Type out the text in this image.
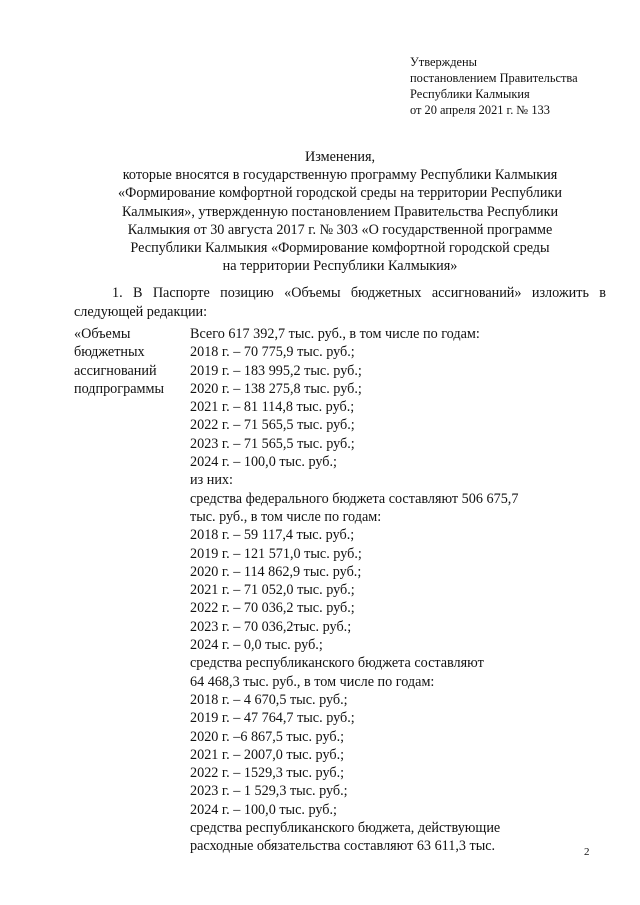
Утверждены
постановлением Правительства
Республики Калмыкия
от 20 апреля 2021 г. № 133
Изменения,
которые вносятся в государственную программу Республики Калмыкия
«Формирование комфортной городской среды на территории Республики
Калмыкия», утвержденную постановлением Правительства Республики
Калмыкия от 30 августа 2017 г. № 303 «О государственной программе
Республики Калмыкия «Формирование комфортной городской среды
на территории Республики Калмыкия»
1. В Паспорте позицию «Объемы бюджетных ассигнований» изложить в
следующей редакции:
«Объемы
бюджетных
ассигнований
подпрограммы
Всего 617 392,7 тыс. руб., в том числе по годам:
2018 г. – 70 775,9 тыс. руб.;
2019 г. – 183 995,2 тыс. руб.;
2020 г. – 138 275,8 тыс. руб.;
2021 г. – 81 114,8 тыс. руб.;
2022 г. – 71 565,5 тыс. руб.;
2023 г. – 71 565,5 тыс. руб.;
2024 г. – 100,0 тыс. руб.;
из них:
средства федерального бюджета составляют 506 675,7
тыс. руб., в том числе по годам:
2018 г. – 59 117,4 тыс. руб.;
2019 г. – 121 571,0 тыс. руб.;
2020 г. – 114 862,9 тыс. руб.;
2021 г. – 71 052,0 тыс. руб.;
2022 г. – 70 036,2 тыс. руб.;
2023 г. – 70 036,2тыс. руб.;
2024 г. – 0,0 тыс. руб.;
средства республиканского бюджета составляют
64 468,3 тыс. руб., в том числе по годам:
2018 г. – 4 670,5 тыс. руб.;
2019 г. – 47 764,7 тыс. руб.;
2020 г. –6 867,5 тыс. руб.;
2021 г. – 2007,0 тыс. руб.;
2022 г. – 1529,3 тыс. руб.;
2023 г. – 1 529,3 тыс. руб.;
2024 г. – 100,0 тыс. руб.;
средства республиканского бюджета, действующие
расходные обязательства составляют 63 611,3 тыс.	2
